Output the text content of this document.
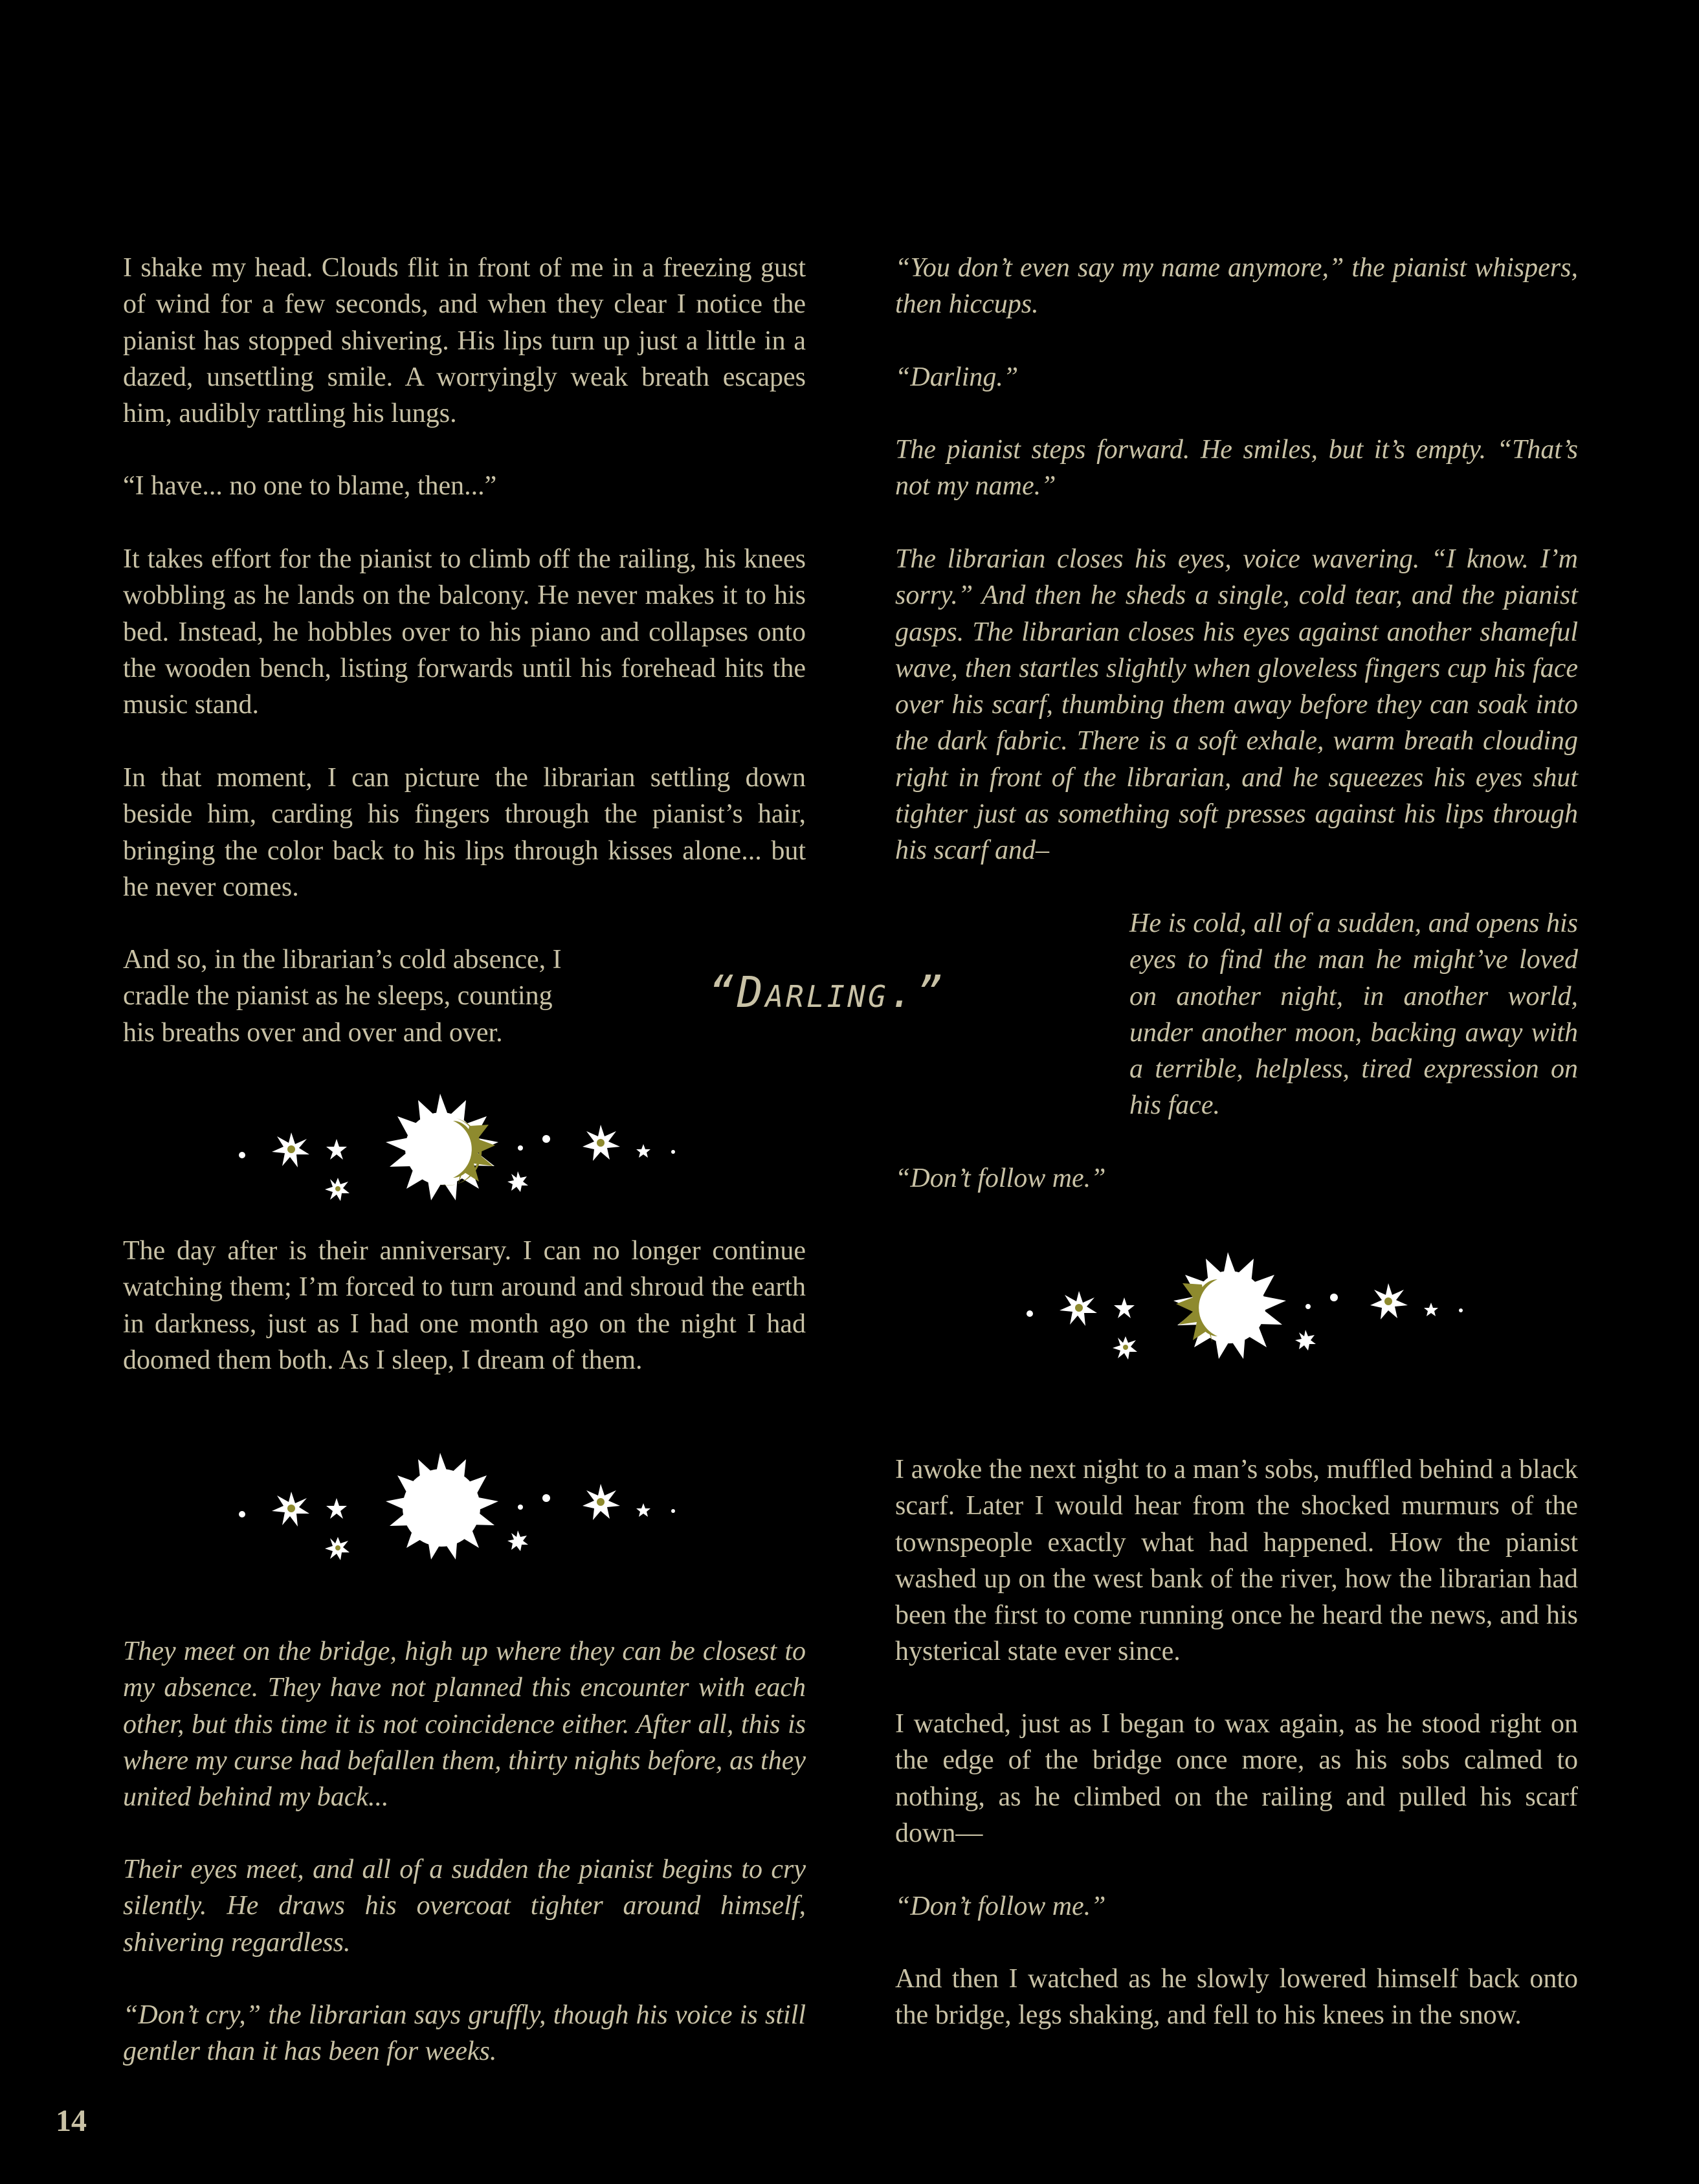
I shake my head. Clouds flit in front of me in a freezing gust of wind for a few seconds, and when they clear I notice the pianist has stopped shivering. His lips turn up just a little in a dazed, unsettling smile. A worryingly weak breath escapes him, audibly rattling his lungs.

“I have... no one to blame, then...”

It takes effort for the pianist to climb off the railing, his knees wobbling as he lands on the balcony. He never makes it to his bed. Instead, he hobbles over to his piano and collapses onto the wooden bench, listing forwards until his forehead hits the music stand.

In that moment, I can picture the librarian settling down beside him, carding his fingers through the pianist’s hair, bringing the color back to his lips through kisses alone... but he never comes.

And so, in the librarian’s cold absence, I cradle the pianist as he sleeps, counting his breaths over and over and over.

The day after is their anniversary. I can no longer continue watching them; I’m forced to turn around and shroud the earth in darkness, just as I had one month ago on the night I had doomed them both. As I sleep, I dream of them.

They meet on the bridge, high up where they can be closest to my absence. They have not planned this encounter with each other, but this time it is not coincidence either. After all, this is where my curse had befallen them, thirty nights before, as they united behind my back...

Their eyes meet, and all of a sudden the pianist begins to cry silently. He draws his overcoat tighter around himself, shivering regardless.

“Don’t cry,” the librarian says gruffly, though his voice is still gentler than it has been for weeks.

“Darling.”

“You don’t even say my name anymore,” the pianist whispers, then hiccups.

“Darling.”

The pianist steps forward. He smiles, but it’s empty. “That’s not my name.”

The librarian closes his eyes, voice wavering. “I know. I’m sorry.” And then he sheds a single, cold tear, and the pianist gasps. The librarian closes his eyes against another shameful wave, then startles slightly when gloveless fingers cup his face over his scarf, thumbing them away before they can soak into the dark fabric. There is a soft exhale, warm breath clouding right in front of the librarian, and he squeezes his eyes shut tighter just as something soft presses against his lips through his scarf and–

He is cold, all of a sudden, and opens his eyes to find the man he might’ve loved on another night, in another world, under another moon, backing away with a terrible, helpless, tired expression on his face.

“Don’t follow me.”

I awoke the next night to a man’s sobs, muffled behind a black scarf. Later I would hear from the shocked murmurs of the townspeople exactly what had happened. How the pianist washed up on the west bank of the river, how the librarian had been the first to come running once he heard the news, and his hysterical state ever since.

I watched, just as I began to wax again, as he stood right on the edge of the bridge once more, as his sobs calmed to nothing, as he climbed on the railing and pulled his scarf down—

“Don’t follow me.”

And then I watched as he slowly lowered himself back onto the bridge, legs shaking, and fell to his knees in the snow.

14
